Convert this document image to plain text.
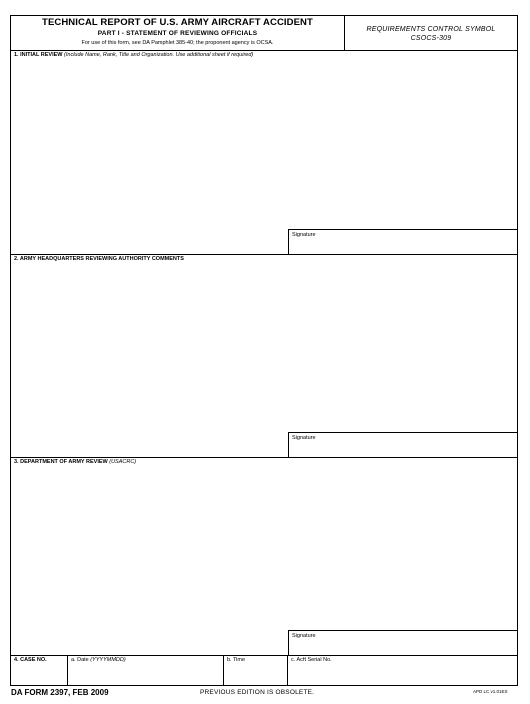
TECHNICAL REPORT OF U.S. ARMY AIRCRAFT ACCIDENT
PART I - STATEMENT OF REVIEWING OFFICIALS
For use of this form, see DA Pamphlet 385-40; the proponent agency is OCSA.
REQUIREMENTS CONTROL SYMBOL
CSOCS-309
1. INITIAL REVIEW (Include Name, Rank, Title and Organization. Use additional sheet if required)
Signature
2. ARMY HEADQUARTERS REVIEWING AUTHORITY COMMENTS
Signature
3. DEPARTMENT OF ARMY REVIEW (USACRC)
Signature
4. CASE NO.	a. Date (YYYYMMDD)	b. Time	c. Acft Serial No.
DA FORM 2397, FEB 2009	PREVIOUS EDITION IS OBSOLETE.	APD LC v1.01ES
